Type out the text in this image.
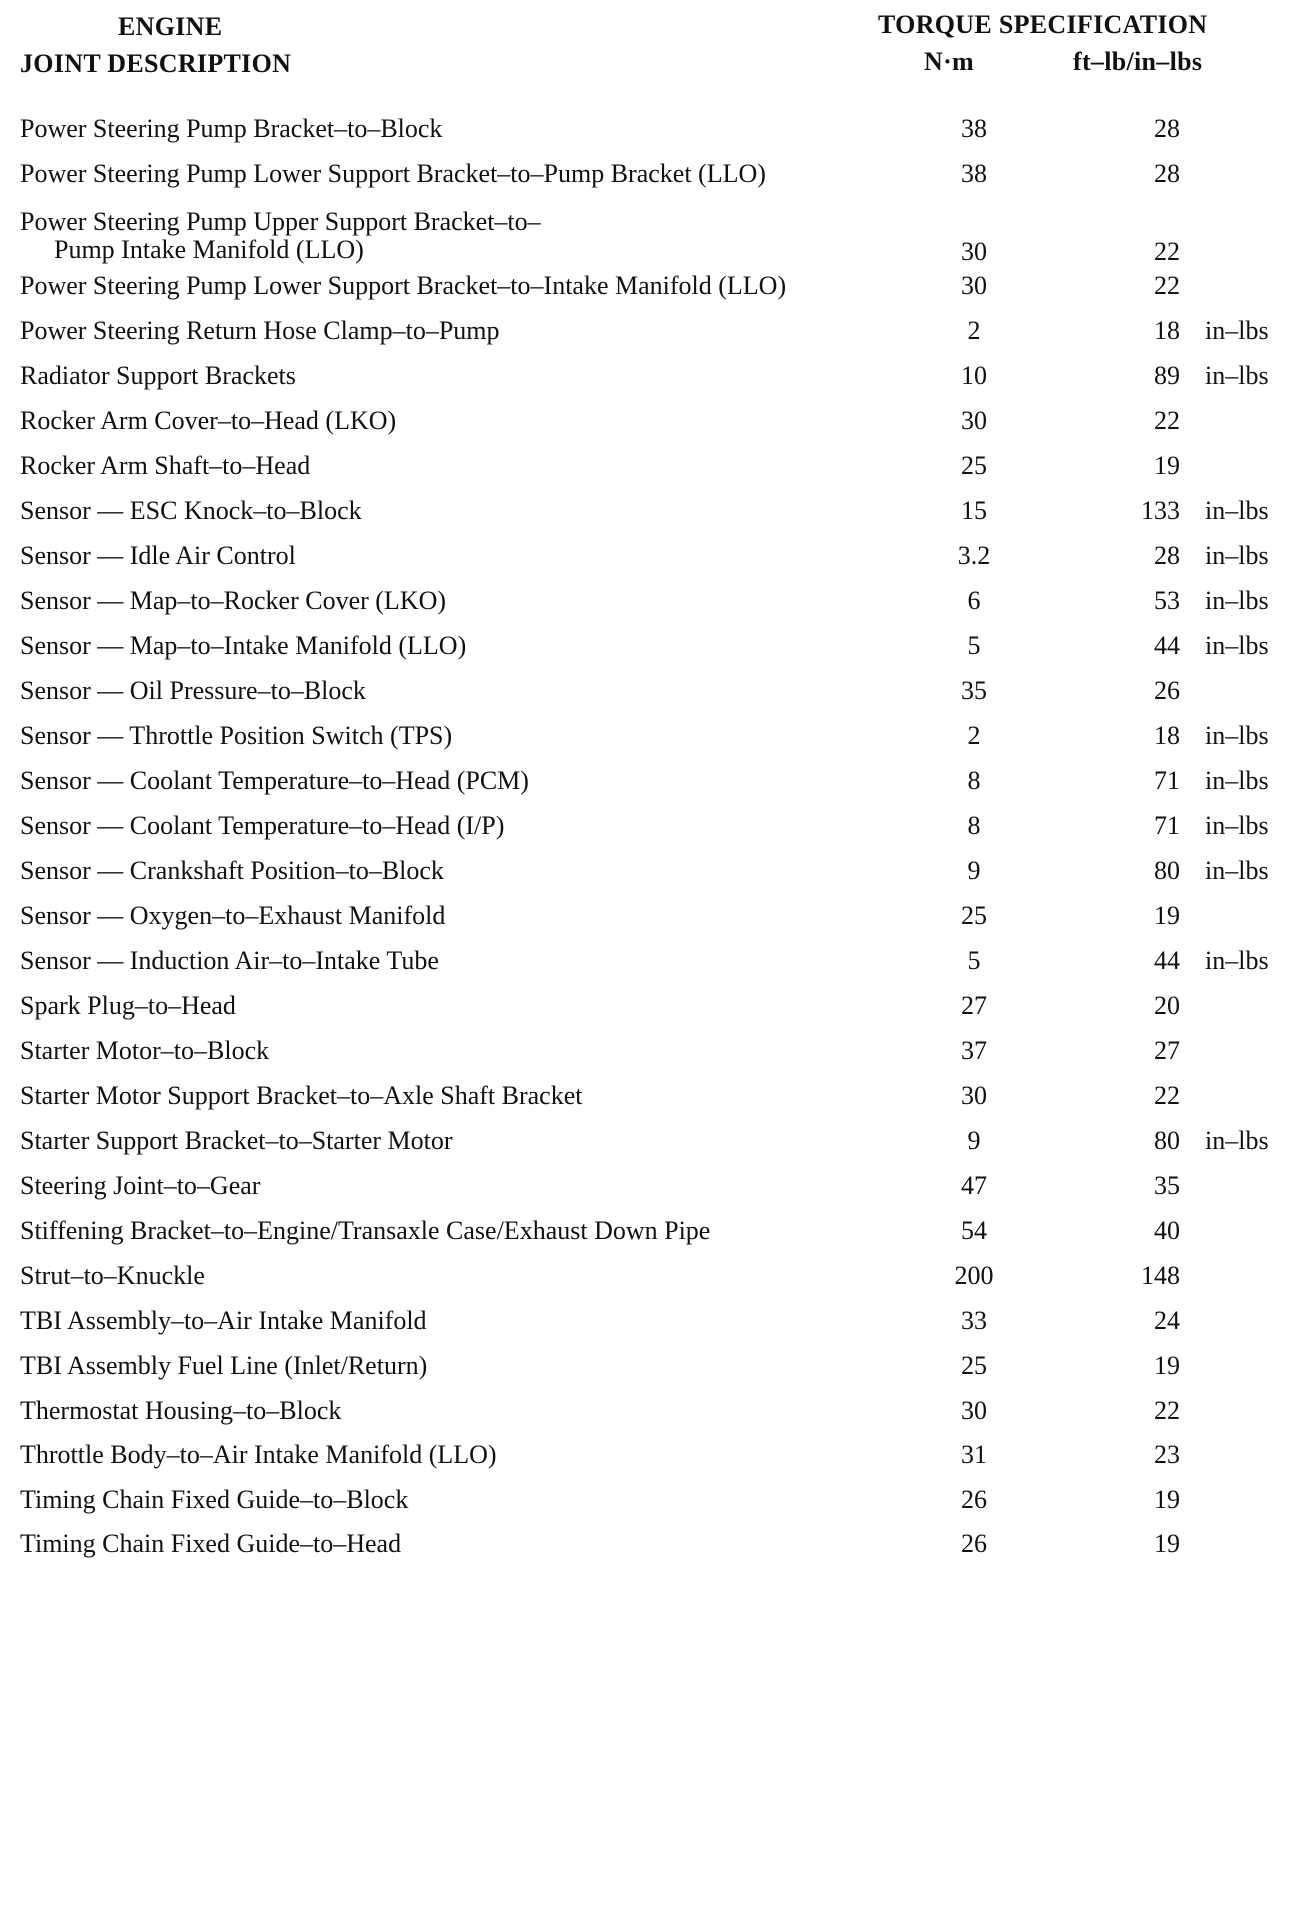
ENGINE
JOINT DESCRIPTION
TORQUE SPECIFICATION
N·m	ft–lb/in–lbs
Power Steering Pump Bracket–to–Block	38	28
Power Steering Pump Lower Support Bracket–to–Pump Bracket (LLO)	38	28
Power Steering Pump Upper Support Bracket–to–
Pump Intake Manifold (LLO)	30	22
Power Steering Pump Lower Support Bracket–to–Intake Manifold (LLO)	30	22
Power Steering Return Hose Clamp–to–Pump	2	18 in–lbs
Radiator Support Brackets	10	89 in–lbs
Rocker Arm Cover–to–Head (LKO)	30	22
Rocker Arm Shaft–to–Head	25	19
Sensor — ESC Knock–to–Block	15	133 in–lbs
Sensor — Idle Air Control	3.2	28 in–lbs
Sensor — Map–to–Rocker Cover (LKO)	6	53 in–lbs
Sensor — Map–to–Intake Manifold (LLO)	5	44 in–lbs
Sensor — Oil Pressure–to–Block	35	26
Sensor — Throttle Position Switch (TPS)	2	18 in–lbs
Sensor — Coolant Temperature–to–Head (PCM)	8	71 in–lbs
Sensor — Coolant Temperature–to–Head (I/P)	8	71 in–lbs
Sensor — Crankshaft Position–to–Block	9	80 in–lbs
Sensor — Oxygen–to–Exhaust Manifold	25	19
Sensor — Induction Air–to–Intake Tube	5	44 in–lbs
Spark Plug–to–Head	27	20
Starter Motor–to–Block	37	27
Starter Motor Support Bracket–to–Axle Shaft Bracket	30	22
Starter Support Bracket–to–Starter Motor	9	80 in–lbs
Steering Joint–to–Gear	47	35
Stiffening Bracket–to–Engine/Transaxle Case/Exhaust Down Pipe	54	40
Strut–to–Knuckle	200	148
TBI Assembly–to–Air Intake Manifold	33	24
TBI Assembly Fuel Line (Inlet/Return)	25	19
Thermostat Housing–to–Block	30	22
Throttle Body–to–Air Intake Manifold (LLO)	31	23
Timing Chain Fixed Guide–to–Block	26	19
Timing Chain Fixed Guide–to–Head	26	19
